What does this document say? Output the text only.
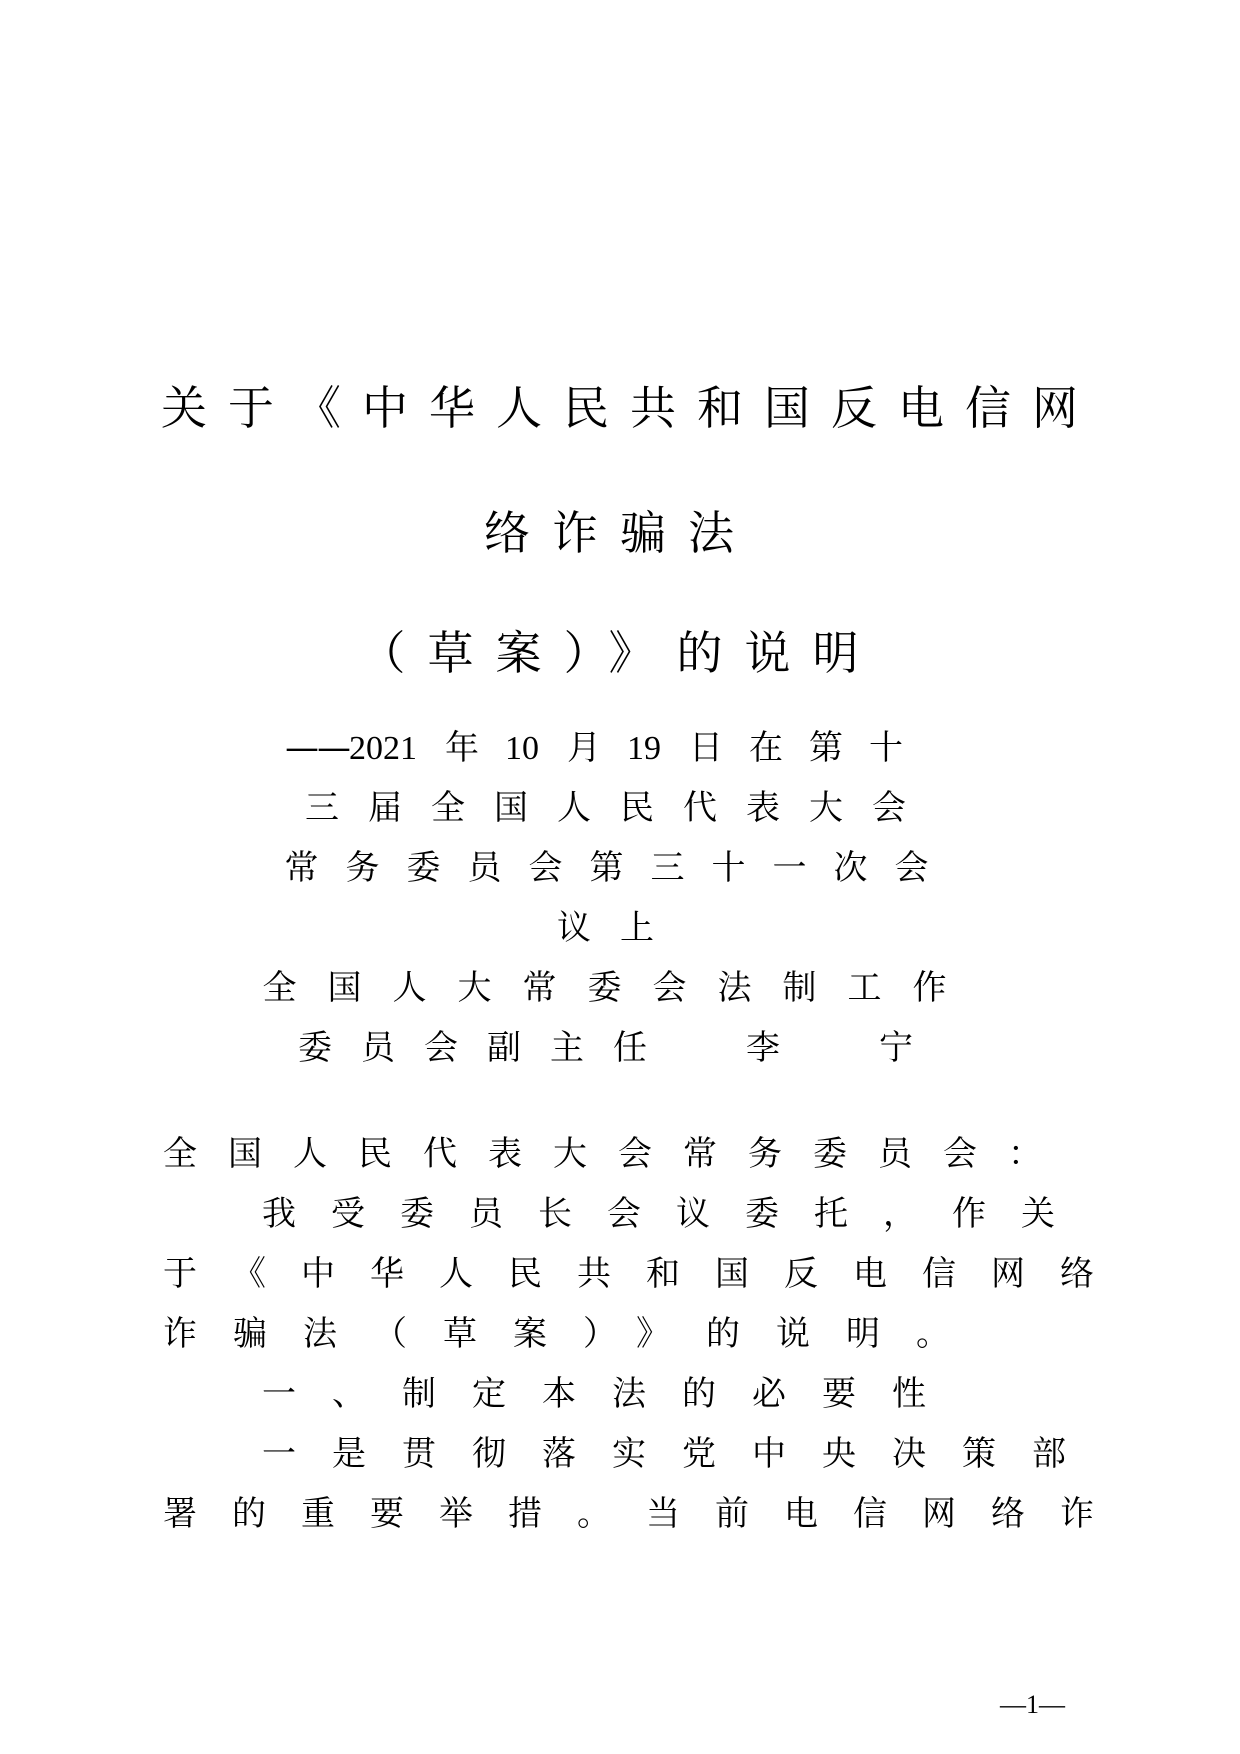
关于《中华人民共和国反电信网
络诈骗法
（草案）》的说明
——2021 年 10 月 19 日 在第十
三届全国人民代表大会
常务委员会第三十一次会
议上
全国人大常委会法制工作
委员会副主任 李 宁
全国人民代表大会常务委员会：
我受委员长会议委托，作关
于《中华人民共和国反电信网络
诈骗法（草案）》的说明。
一、制定本法的必要性
一是贯彻落实党中央决策部
署的重要举措。当前电信网络诈
—1—
